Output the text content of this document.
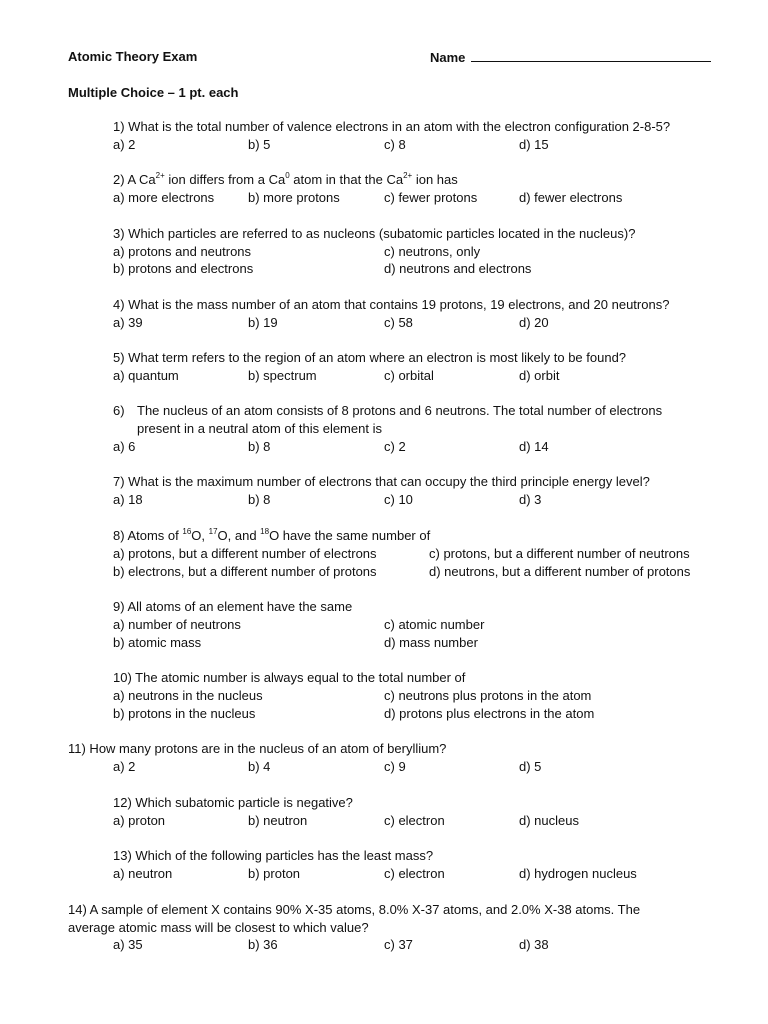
Atomic Theory Exam	Name
Multiple Choice – 1 pt. each
1) What is the total number of valence electrons in an atom with the electron configuration 2-8-5?
a) 2	b) 5	c) 8	d) 15
2) A $Ca^{2+}$ ion differs from a Ca$^0$ atom in that the $Ca^{2+}$ ion has
a) more electrons	b) more protons	c) fewer protons	d) fewer electrons
3) Which particles are referred to as nucleons (subatomic particles located in the nucleus)?
a) protons and neutrons	c) neutrons, only
b) protons and electrons	d) neutrons and electrons
4) What is the mass number of an atom that contains 19 protons, 19 electrons, and 20 neutrons?
a) 39	b) 19	c) 58	d) 20
5) What term refers to the region of an atom where an electron is most likely to be found?
a) quantum	b) spectrum	c) orbital	d) orbit
6) The nucleus of an atom consists of 8 protons and 6 neutrons. The total number of electrons present in a neutral atom of this element is
a) 6	b) 8	c) 2	d) 14
7) What is the maximum number of electrons that can occupy the third principle energy level?
a) 18	b) 8	c) 10	d) 3
8) Atoms of $^{16}$O, $^{17}$O, and $^{18}$O have the same number of
a) protons, but a different number of electrons	c) protons, but a different number of neutrons
b) electrons, but a different number of protons	d) neutrons, but a different number of protons
9) All atoms of an element have the same
a) number of neutrons	c) atomic number
b) atomic mass	d) mass number
10) The atomic number is always equal to the total number of
a) neutrons in the nucleus	c) neutrons plus protons in the atom
b) protons in the nucleus	d) protons plus electrons in the atom
11) How many protons are in the nucleus of an atom of beryllium?
a) 2	b) 4	c) 9	d) 5
12) Which subatomic particle is negative?
a) proton	b) neutron	c) electron	d) nucleus
13) Which of the following particles has the least mass?
a) neutron	b) proton	c) electron	d) hydrogen nucleus
14) A sample of element X contains 90% X-35 atoms, 8.0% X-37 atoms, and 2.0% X-38 atoms. The average atomic mass will be closest to which value?
a) 35	b) 36	c) 37	d) 38
